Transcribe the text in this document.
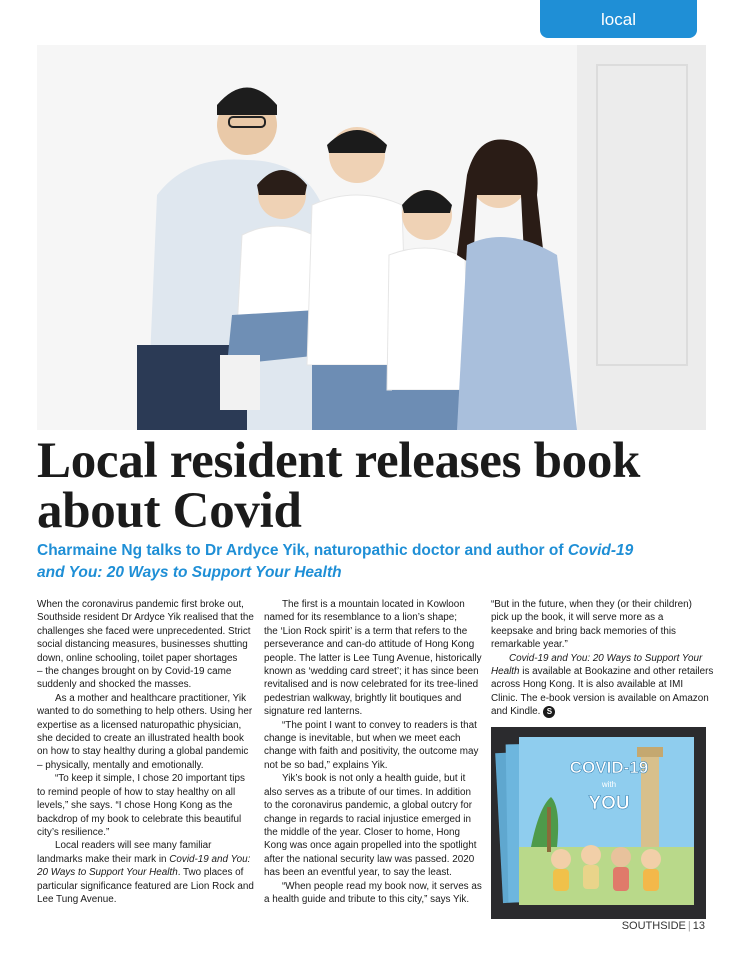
local
Local resident releases book
about Covid
Charmaine Ng talks to Dr Ardyce Yik, naturopathic doctor and author of Covid-19
and You: 20 Ways to Support Your Health

When the coronavirus pandemic first broke out,
Southside resident Dr Ardyce Yik realised that the
challenges she faced were unprecedented. Strict
social distancing measures, businesses shutting
down, online schooling, toilet paper shortages
– the changes brought on by Covid-19 came
suddenly and shocked the masses.

As a mother and healthcare practitioner, Yik
wanted to do something to help others. Using her
expertise as a licensed naturopathic physician,
she decided to create an illustrated health book
on how to stay healthy during a global pandemic
– physically, mentally and emotionally.

“To keep it simple, I chose 20 important tips
to remind people of how to stay healthy on all
levels,” she says. “I chose Hong Kong as the
backdrop of my book to celebrate this beautiful
city’s resilience.”

Local readers will see many familiar
landmarks make their mark in Covid-19 and You:
20 Ways to Support Your Health. Two places of
particular significance featured are Lion Rock and
Lee Tung Avenue.

The first is a mountain located in Kowloon
named for its resemblance to a lion’s shape;
the ‘Lion Rock spirit’ is a term that refers to the
perseverance and can-do attitude of Hong Kong
people. The latter is Lee Tung Avenue, historically
known as ‘wedding card street’; it has since been
revitalised and is now celebrated for its tree-lined
pedestrian walkway, brightly lit boutiques and
signature red lanterns.

“The point I want to convey to readers is that
change is inevitable, but when we meet each
change with faith and positivity, the outcome may
not be so bad,” explains Yik.

Yik’s book is not only a health guide, but it
also serves as a tribute of our times. In addition
to the coronavirus pandemic, a global outcry for
change in regards to racial injustice emerged in
the middle of the year. Closer to home, Hong
Kong was once again propelled into the spotlight
after the national security law was passed. 2020
has been an eventful year, to say the least.

“When people read my book now, it serves as
a health guide and tribute to this city,” says Yik.

“But in the future, when they (or their children)
pick up the book, it will serve more as a
keepsake and bring back memories of this
remarkable year.”

Covid-19 and You: 20 Ways to Support Your
Health is available at Bookazine and other retailers
across Hong Kong. It is also available at IMI
Clinic. The e-book version is available on Amazon
and Kindle. S

COVID-19
with
YOU
SOUTHSIDE | 13
